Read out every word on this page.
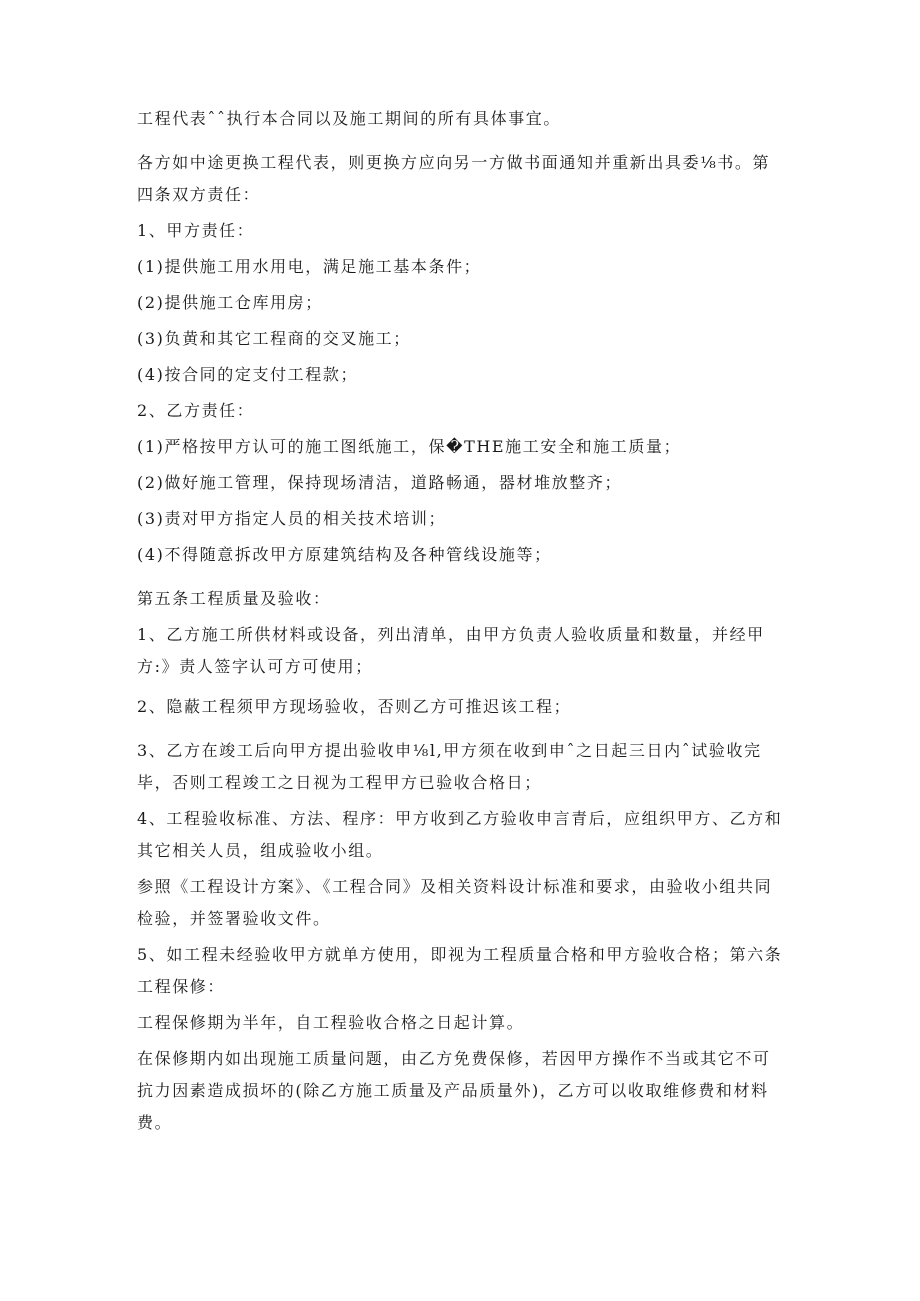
工程代表ˆˆ执行本合同以及施工期间的所有具体事宜。

各方如中途更换工程代表，则更换方应向另一方做书面通知并重新出具委⅛书。第四条双方责任：

1、甲方责任：

(1)提供施工用水用电，满足施工基本条件；

(2)提供施工仓库用房；

(3)负黄和其它工程商的交叉施工；

(4)按合同的定支付工程款；

2、乙方责任：

(1)严格按甲方认可的施工图纸施工，保�THE施工安全和施工质量；

(2)做好施工管理，保持现场清洁，道路畅通，器材堆放整齐；

(3)责对甲方指定人员的相关技术培训；

(4)不得随意拆改甲方原建筑结构及各种管线设施等；

第五条工程质量及验收：

1、乙方施工所供材料或设备，列出清单，由甲方负责人验收质量和数量，并经甲方:》责人签字认可方可使用；

2、隐蔽工程须甲方现场验收，否则乙方可推迟该工程；

3、乙方在竣工后向甲方提出验收申⅛l,甲方须在收到申ˆ之日起三日内ˆ试验收完毕，否则工程竣工之日视为工程甲方已验收合格日；

4、工程验收标准、方法、程序：甲方收到乙方验收申言青后，应组织甲方、乙方和其它相关人员，组成验收小组。

参照《工程设计方案》、《工程合同》及相关资料设计标准和要求，由验收小组共同检验，并签署验收文件。

5、如工程未经验收甲方就单方使用，即视为工程质量合格和甲方验收合格；第六条工程保修：

工程保修期为半年，自工程验收合格之日起计算。

在保修期内如出现施工质量问题，由乙方免费保修，若因甲方操作不当或其它不可抗力因素造成损坏的(除乙方施工质量及产品质量外)，乙方可以收取维修费和材料费。
